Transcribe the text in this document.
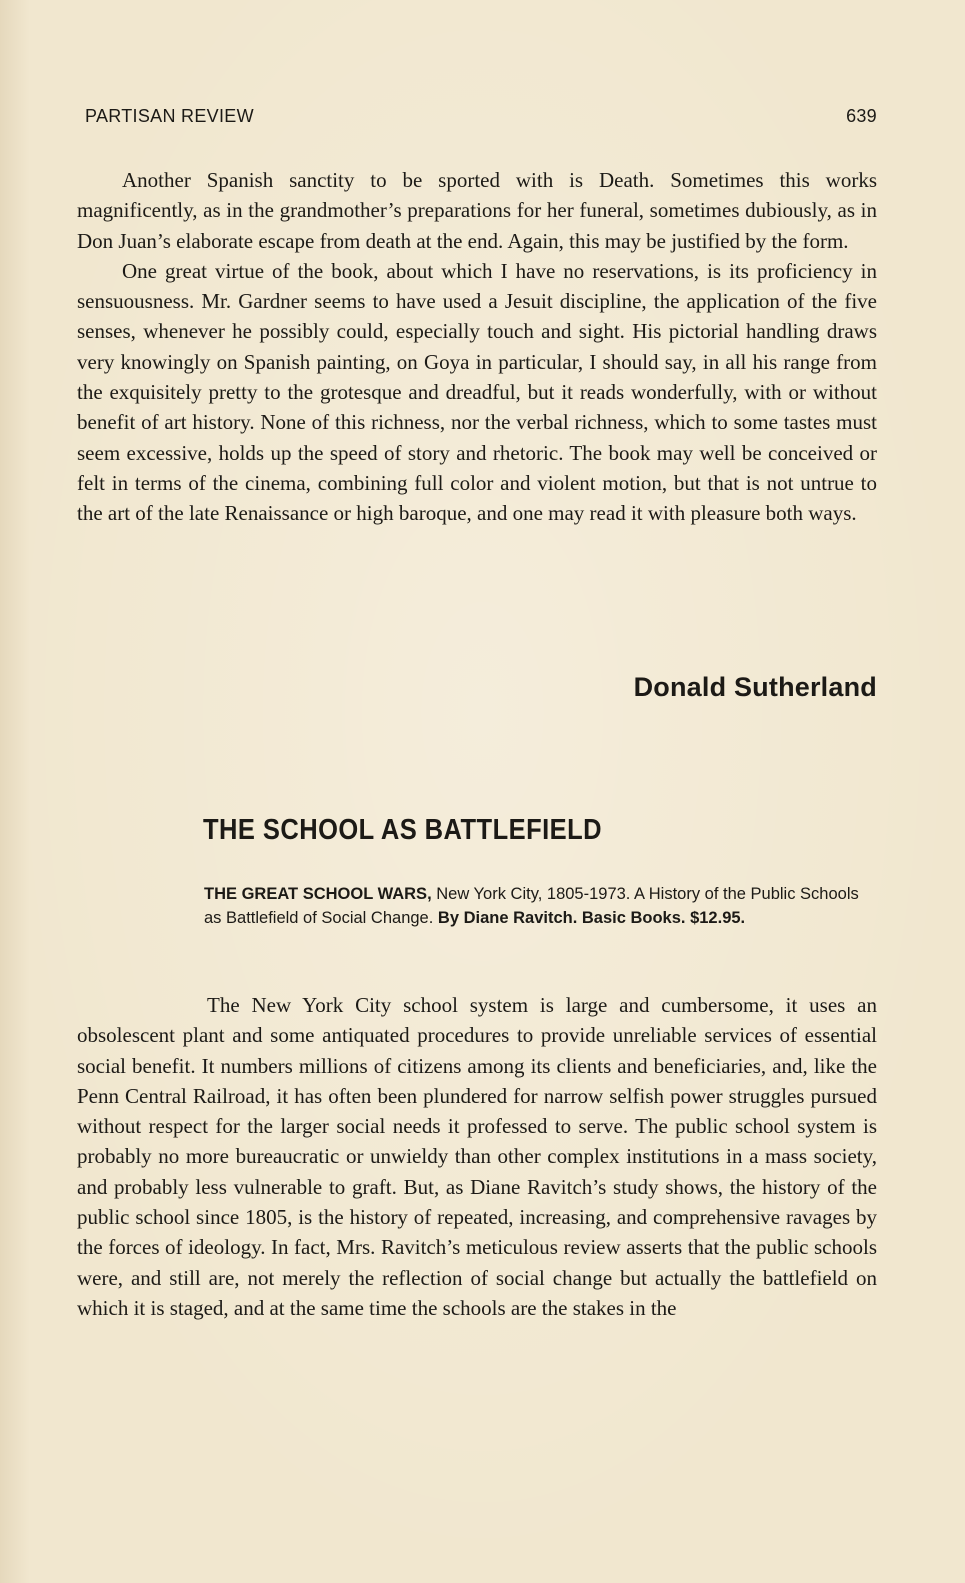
PARTISAN REVIEW	639

Another Spanish sanctity to be sported with is Death. Sometimes this works magnificently, as in the grandmother’s preparations for her funeral, sometimes dubiously, as in Don Juan’s elaborate escape from death at the end. Again, this may be justified by the form.

One great virtue of the book, about which I have no reservations, is its proficiency in sensuousness. Mr. Gardner seems to have used a Jesuit discipline, the application of the five senses, whenever he possibly could, especially touch and sight. His pictorial handling draws very knowingly on Spanish painting, on Goya in particular, I should say, in all his range from the exquisitely pretty to the grotesque and dreadful, but it reads wonderfully, with or without benefit of art history. None of this richness, nor the verbal richness, which to some tastes must seem excessive, holds up the speed of story and rhetoric. The book may well be conceived or felt in terms of the cinema, combining full color and violent motion, but that is not untrue to the art of the late Renaissance or high baroque, and one may read it with pleasure both ways.

Donald Sutherland
THE SCHOOL AS BATTLEFIELD

THE GREAT SCHOOL WARS, New York City, 1805-1973. A History of the Public Schools as Battlefield of Social Change. By Diane Ravitch. Basic Books. $12.95.

The New York City school system is large and cumbersome, it uses an obsolescent plant and some antiquated procedures to provide unreliable services of essential social benefit. It numbers millions of citizens among its clients and beneficiaries, and, like the Penn Central Railroad, it has often been plundered for narrow selfish power struggles pursued without respect for the larger social needs it professed to serve. The public school system is probably no more bureaucratic or unwieldy than other complex institutions in a mass society, and probably less vulnerable to graft. But, as Diane Ravitch’s study shows, the history of the public school since 1805, is the history of repeated, increasing, and comprehensive ravages by the forces of ideology. In fact, Mrs. Ravitch’s meticulous review asserts that the public schools were, and still are, not merely the reflection of social change but actually the battlefield on which it is staged, and at the same time the schools are the stakes in the
